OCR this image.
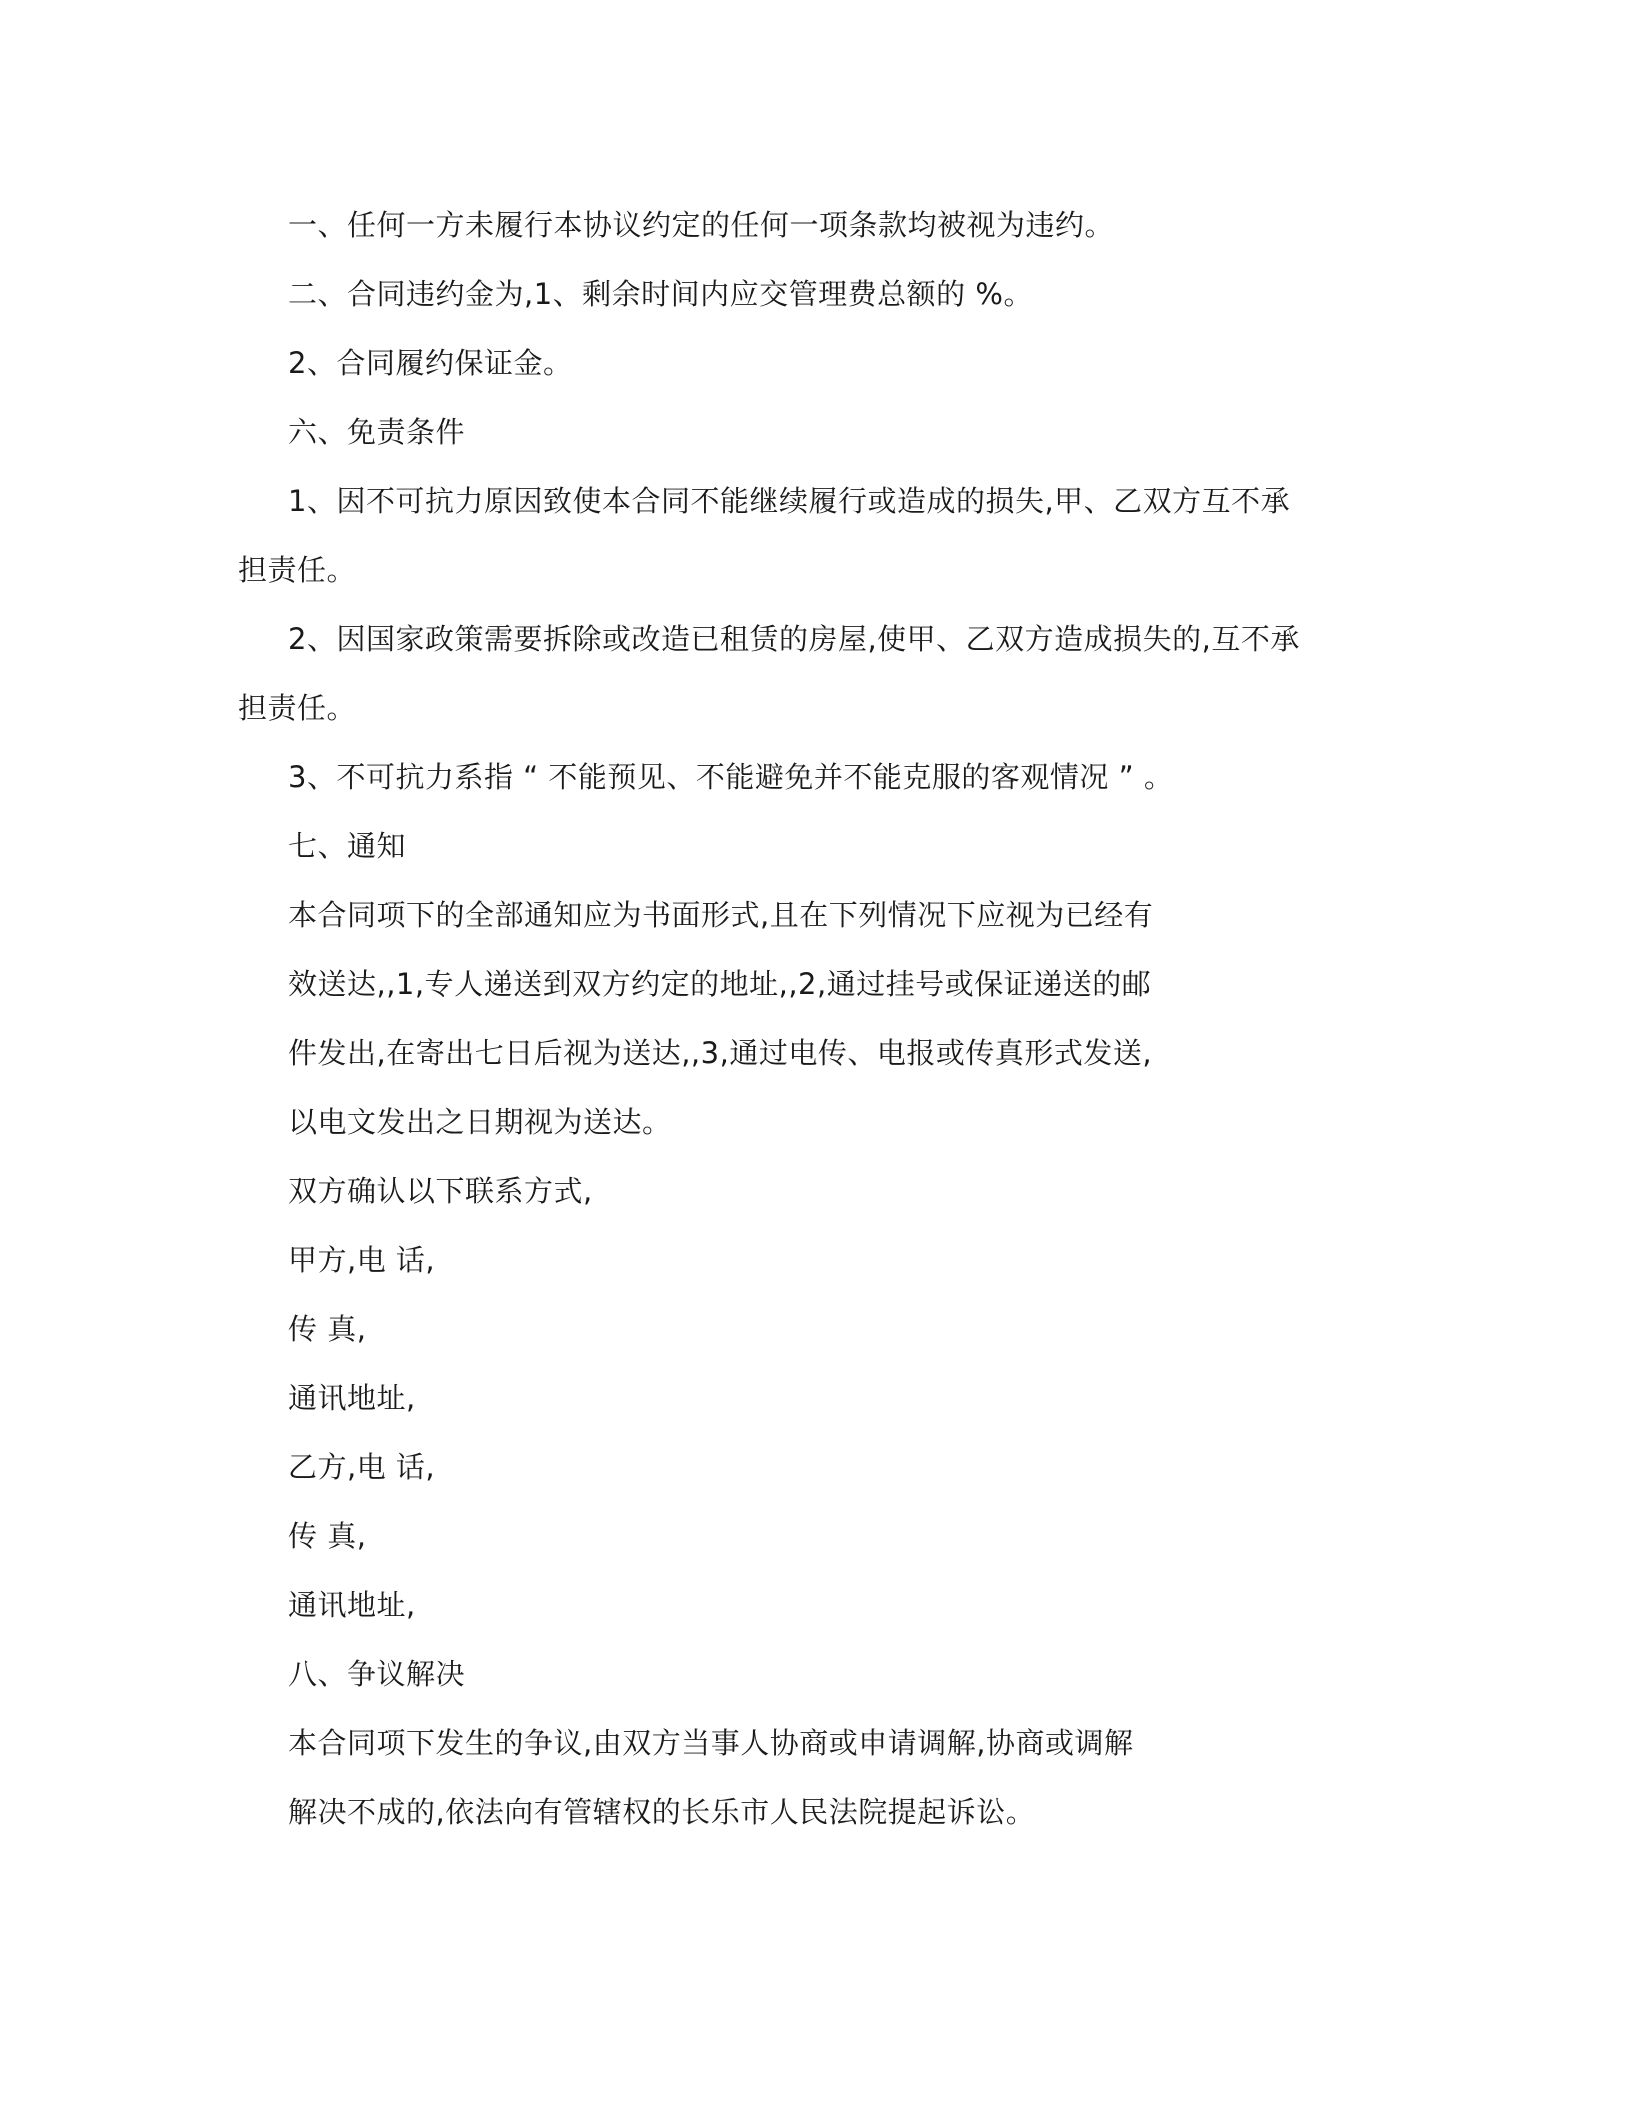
一、任何一方未履行本协议约定的任何一项条款均被视为违约。
二、合同违约金为,1、剩余时间内应交管理费总额的 %。
2、合同履约保证金。
六、免责条件
1、因不可抗力原因致使本合同不能继续履行或造成的损失,甲、乙双方互不承
担责任。
2、因国家政策需要拆除或改造已租赁的房屋,使甲、乙双方造成损失的,互不承
担责任。
3、不可抗力系指 “ 不能预见、不能避免并不能克服的客观情况 ” 。
七、通知
本合同项下的全部通知应为书面形式,且在下列情况下应视为已经有
效送达,,1,专人递送到双方约定的地址,,2,通过挂号或保证递送的邮
件发出,在寄出七日后视为送达,,3,通过电传、电报或传真形式发送,
以电文发出之日期视为送达。
双方确认以下联系方式,
甲方,电 话,
传 真,
通讯地址,
乙方,电 话,
传 真,
通讯地址,
八、争议解决
本合同项下发生的争议,由双方当事人协商或申请调解,协商或调解
解决不成的,依法向有管辖权的长乐市人民法院提起诉讼。
